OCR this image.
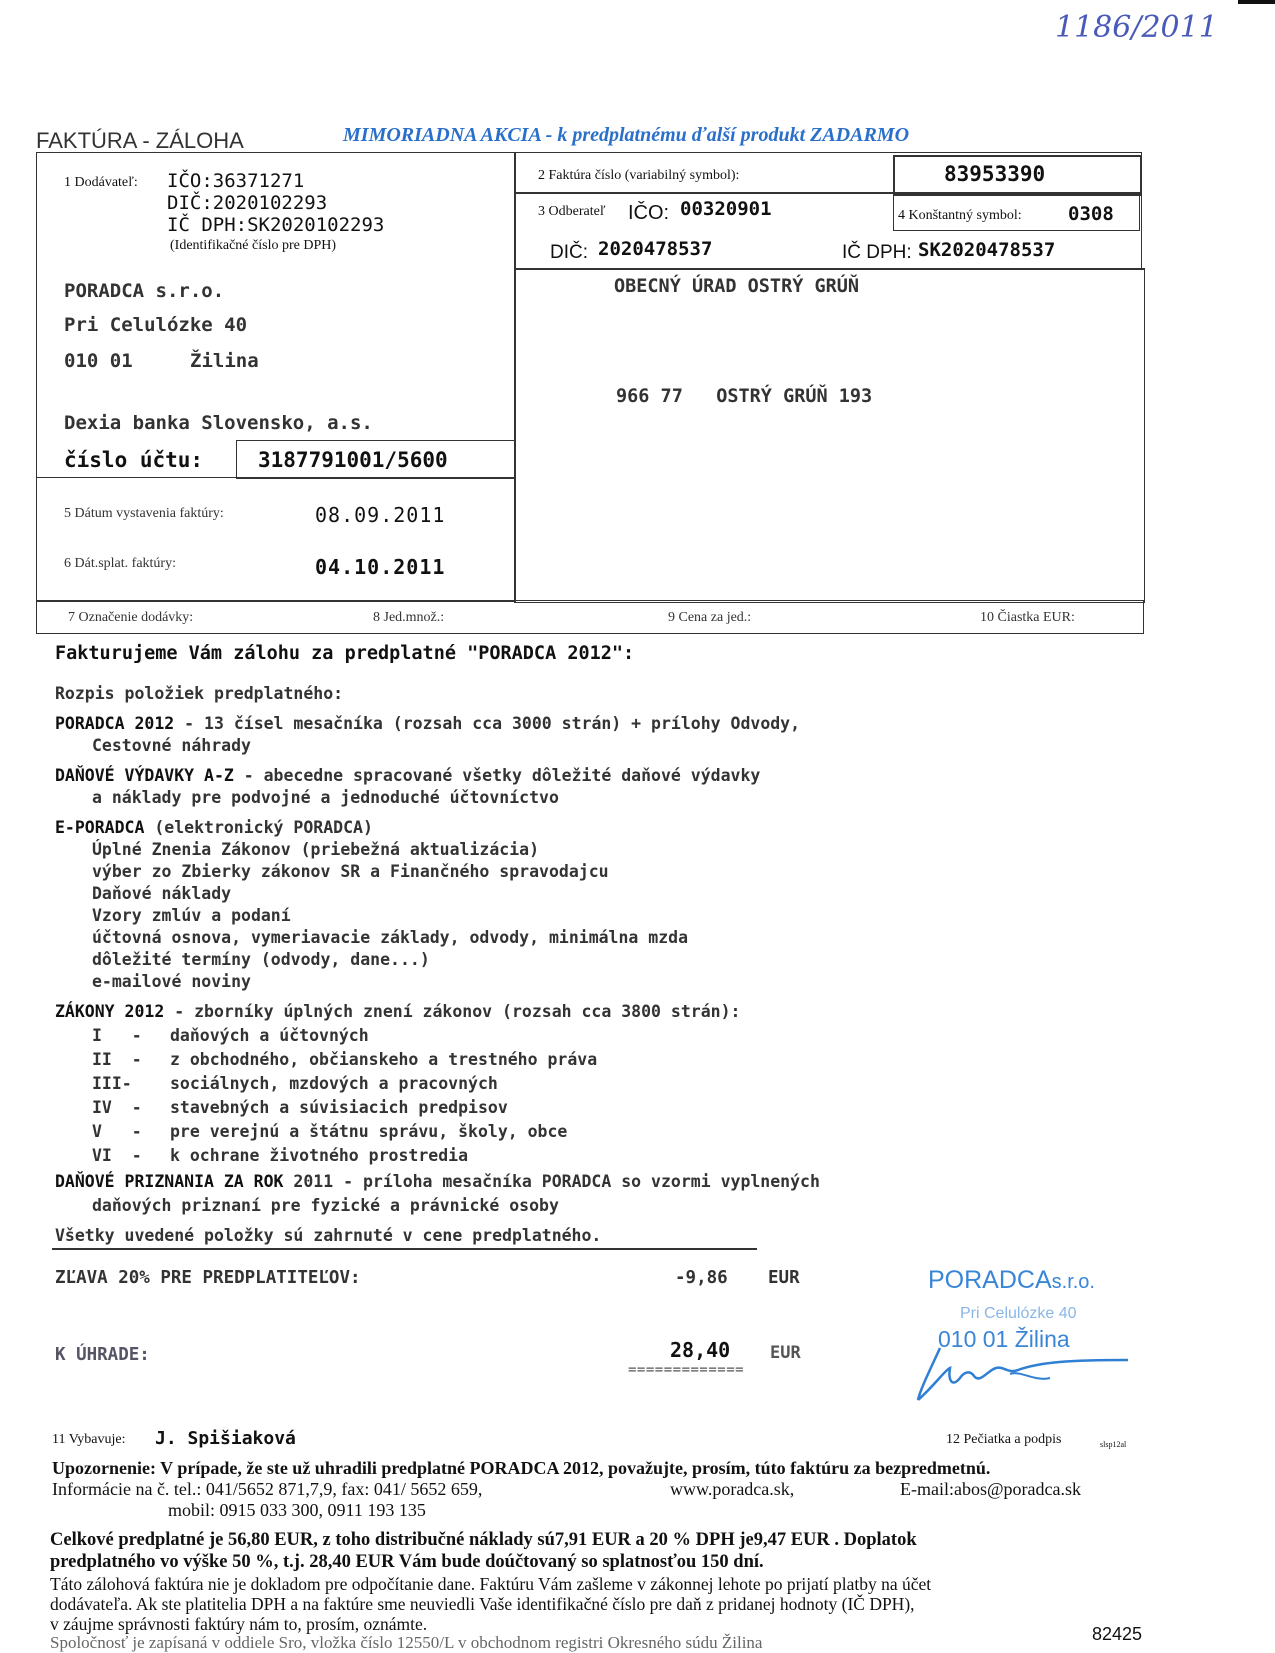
1186/2011
FAKTÚRA - ZÁLOHA	MIMORIADNA AKCIA - k predplatnému ďalší produkt ZADARMO
1 Dodávateľ: IČO:36371271
DIČ:2020102293
IČ DPH:SK2020102293
(Identifikačné číslo pre DPH)
PORADCA s.r.o.
Pri Celulózke 40
010 01	Žilina
Dexia banka Slovensko, a.s.
číslo účtu:	3187791001/5600
5 Dátum vystavenia faktúry:	08.09.2011
6 Dát.splat. faktúry:	04.10.2011
2 Faktúra číslo (variabilný symbol):	83953390
3 Odberateľ IČO: 00320901	4 Konštantný symbol: 0308
DIČ: 2020478537	IČ DPH: SK2020478537
OBECNÝ ÚRAD OSTRÝ GRÚŇ
966 77   OSTRÝ GRÚŇ 193
7 Označenie dodávky:	8 Jed.množ.:	9 Cena za jed.:	10 Čiastka EUR:
Fakturujeme Vám zálohu za predplatné "PORADCA 2012":
Rozpis položiek predplatného:
PORADCA 2012 - 13 čísel mesačníka (rozsah cca 3000 strán) + prílohy Odvody,
Cestovné náhrady
DAŇOVÉ VÝDAVKY A-Z - abecedne spracované všetky dôležité daňové výdavky
a náklady pre podvojné a jednoduché účtovníctvo
E-PORADCA (elektronický PORADCA)
Úplné Znenia Zákonov (priebežná aktualizácia)
výber zo Zbierky zákonov SR a Finančného spravodajcu
Daňové náklady
Vzory zmlúv a podaní
účtovná osnova, vymeriavacie základy, odvody, minimálna mzda
dôležité termíny (odvody, dane...)
e-mailové noviny
ZÁKONY 2012 - zborníky úplných znení zákonov (rozsah cca 3800 strán):
I   - daňových a účtovných
II  - z obchodného, občianskeho a trestného práva
III- sociálnych, mzdových a pracovných
IV  - stavebných a súvisiacich predpisov
V   - pre verejnú a štátnu správu, školy, obce
VI  - k ochrane životného prostredia
DAŇOVÉ PRIZNANIA ZA ROK 2011 - príloha mesačníka PORADCA so vzormi vyplnených
daňových priznaní pre fyzické a právnické osoby
Všetky uvedené položky sú zahrnuté v cene predplatného.
ZĽAVA 20% PRE PREDPLATITEĽOV:	-9,86 EUR
K ÚHRADE:	28,40 EUR
=============
PORADCAs.r.o.
Pri Celulózke 40
010 01 Žilina
11 Vybavuje: J. Spišiaková	12 Pečiatka a podpis	slsp12al
Upozornenie: V prípade, že ste už uhradili predplatné PORADCA 2012, považujte, prosím, túto faktúru za bezpredmetnú.
Informácie na č. tel.: 041/5652 871,7,9, fax: 041/ 5652 659,	www.poradca.sk,	E-mail:abos@poradca.sk
mobil: 0915 033 300, 0911 193 135
Celkové predplatné je 56,80 EUR, z toho distribučné náklady sú7,91 EUR a 20 % DPH je9,47 EUR . Doplatok
predplatného vo výške 50 %, t.j. 28,40 EUR Vám bude doúčtovaný so splatnosťou 150 dní.
Táto zálohová faktúra nie je dokladom pre odpočítanie dane. Faktúru Vám zašleme v zákonnej lehote po prijatí platby na účet
dodávateľa. Ak ste platitelia DPH a na faktúre sme neuviedli Vaše identifikačné číslo pre daň z pridanej hodnoty (IČ DPH),
v záujme správnosti faktúry nám to, prosím, oznámte.
Spoločnosť je zapísaná v oddiele Sro, vložka číslo 12550/L v obchodnom registri Okresného súdu Žilina	82425
